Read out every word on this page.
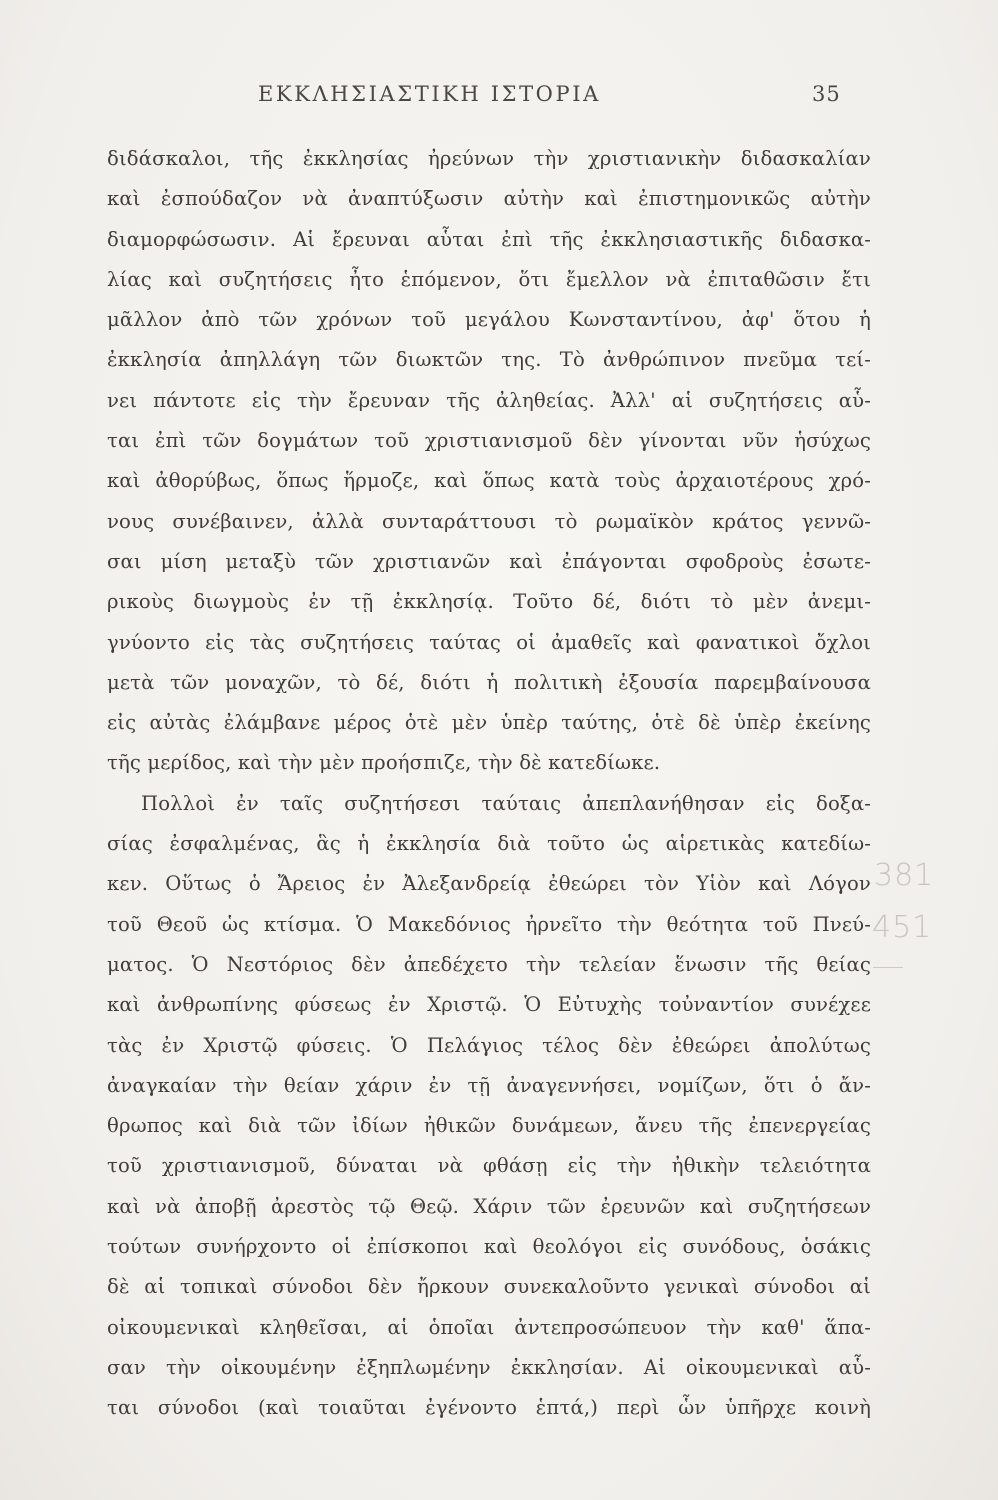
ΕΚΚΛΗΣΙΑΣΤΙΚΗ ΙΣΤΟΡΙΑ	35
διδάσκαλοι, τῆς ἐκκλησίας ἠρεύνων τὴν χριστιανικὴν διδασκαλίαν
καὶ ἐσπούδαζον νὰ ἀναπτύξωσιν αὐτὴν καὶ ἐπιστημονικῶς αὐτὴν
διαμορφώσωσιν. Αἱ ἔρευναι αὗται ἐπὶ τῆς ἐκκλησιαστικῆς διδασκα-
λίας καὶ συζητήσεις ἦτο ἑπόμενον, ὅτι ἔμελλον νὰ ἐπιταθῶσιν ἔτι
μᾶλλον ἀπὸ τῶν χρόνων τοῦ μεγάλου Κωνσταντίνου, ἀφ' ὅτου ἡ
ἐκκλησία ἀπηλλάγη τῶν διωκτῶν της. Τὸ ἀνθρώπινον πνεῦμα τεί-
νει πάντοτε εἰς τὴν ἔρευναν τῆς ἀληθείας. Ἀλλ' αἱ συζητήσεις αὗ-
ται ἐπὶ τῶν δογμάτων τοῦ χριστιανισμοῦ δὲν γίνονται νῦν ἡσύχως
καὶ ἀθορύβως, ὅπως ἥρμοζε, καὶ ὅπως κατὰ τοὺς ἀρχαιοτέρους χρό-
νους συνέβαινεν, ἀλλὰ συνταράττουσι τὸ ρωμαϊκὸν κράτος γεννῶ-
σαι μίση μεταξὺ τῶν χριστιανῶν καὶ ἐπάγονται σφοδροὺς ἐσωτε-
ρικοὺς διωγμοὺς ἐν τῇ ἐκκλησίᾳ. Τοῦτο δέ, διότι τὸ μὲν ἀνεμι-
γνύοντο εἰς τὰς συζητήσεις ταύτας οἱ ἀμαθεῖς καὶ φανατικοὶ ὄχλοι
μετὰ τῶν μοναχῶν, τὸ δέ, διότι ἡ πολιτικὴ ἐξουσία παρεμβαίνουσα
εἰς αὐτὰς ἐλάμβανε μέρος ὁτὲ μὲν ὑπὲρ ταύτης, ὁτὲ δὲ ὑπὲρ ἐκείνης
τῆς μερίδος, καὶ τὴν μὲν προήσπιζε, τὴν δὲ κατεδίωκε.
Πολλοὶ ἐν ταῖς συζητήσεσι ταύταις ἀπεπλανήθησαν εἰς δοξα-
σίας ἐσφαλμένας, ἃς ἡ ἐκκλησία διὰ τοῦτο ὡς αἱρετικὰς κατεδίω-
κεν. Οὕτως ὁ Ἄρειος ἐν Ἀλεξανδρείᾳ ἐθεώρει τὸν Υἱὸν καὶ Λόγον
τοῦ Θεοῦ ὡς κτίσμα. Ὁ Μακεδόνιος ἠρνεῖτο τὴν θεότητα τοῦ Πνεύ-
ματος. Ὁ Νεστόριος δὲν ἀπεδέχετο τὴν τελείαν ἕνωσιν τῆς θείας
καὶ ἀνθρωπίνης φύσεως ἐν Χριστῷ. Ὁ Εὐτυχὴς τοὐναντίον συνέχεε
τὰς ἐν Χριστῷ φύσεις. Ὁ Πελάγιος τέλος δὲν ἐθεώρει ἀπολύτως
ἀναγκαίαν τὴν θείαν χάριν ἐν τῇ ἀναγεννήσει, νομίζων, ὅτι ὁ ἄν-
θρωπος καὶ διὰ τῶν ἰδίων ἠθικῶν δυνάμεων, ἄνευ τῆς ἐπενεργείας
τοῦ χριστιανισμοῦ, δύναται νὰ φθάσῃ εἰς τὴν ἠθικὴν τελειότητα
καὶ νὰ ἀποβῇ ἀρεστὸς τῷ Θεῷ. Χάριν τῶν ἐρευνῶν καὶ συζητήσεων
τούτων συνήρχοντο οἱ ἐπίσκοποι καὶ θεολόγοι εἰς συνόδους, ὁσάκις
δὲ αἱ τοπικαὶ σύνοδοι δὲν ἤρκουν συνεκαλοῦντο γενικαὶ σύνοδοι αἱ
οἰκουμενικαὶ κληθεῖσαι, αἱ ὁποῖαι ἀντεπροσώπευον τὴν καθ' ἅπα-
σαν τὴν οἰκουμένην ἐξηπλωμένην ἐκκλησίαν. Αἱ οἰκουμενικαὶ αὗ-
ται σύνοδοι (καὶ τοιαῦται ἐγένοντο ἑπτά,) περὶ ὧν ὑπῆρχε κοινὴ
381
451
